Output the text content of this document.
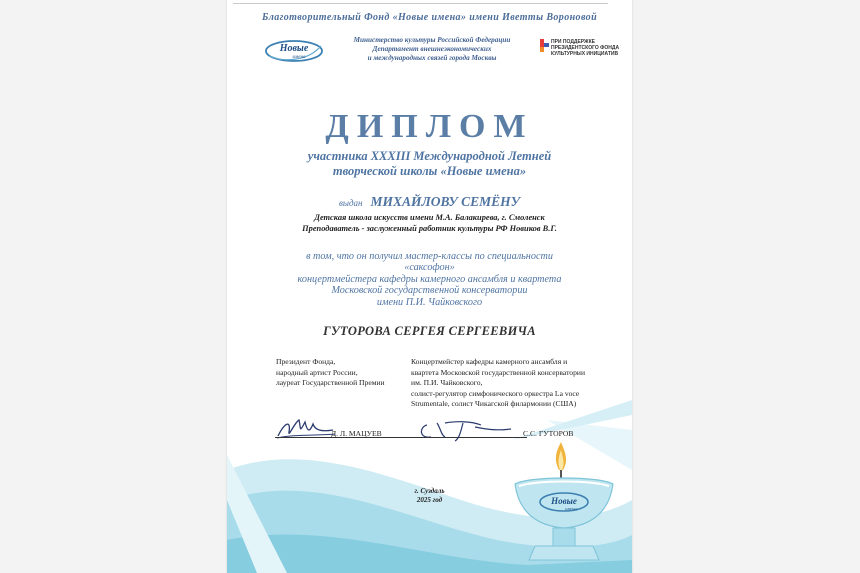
Благотворительный Фонд «Новые имена» имени Иветты Вороновой
Новые
имена
Министерство культуры Российской Федерации
Департамент внешнеэкономических
и международных связей города Москвы
ПРИ ПОДДЕРЖКЕ
ПРЕЗИДЕНТСКОГО ФОНДА
КУЛЬТУРНЫХ ИНИЦИАТИВ
ДИПЛОМ
участника XXXIII Международной Летней
творческой школы «Новые имена»
выдан МИХАЙЛОВУ СЕМЁНУ
Детская школа искусств имени М.А. Балакирева, г. Смоленск
Преподаватель - заслуженный работник культуры РФ Новиков В.Г.
в том, что он получил мастер-классы по специальности
«саксофон»
концертмейстера кафедры камерного ансамбля и квартета
Московской государственной консерватории
имени П.И. Чайковского
ГУТОРОВА СЕРГЕЯ СЕРГЕЕВИЧА
Президент Фонда,
народный артист России,
лауреат Государственной Премии
Концертмейстер кафедры камерного ансамбля и
квартета Московской государственной консерватории
им. П.И. Чайковского,
солист-регулятор симфонического оркестра La voce
Strumentale, солист Чикагской филармонии (США)
Д. Л. МАЦУЕВ	С.С. ГУТОРОВ
Новые
имена
г. Суздаль
2025 год
